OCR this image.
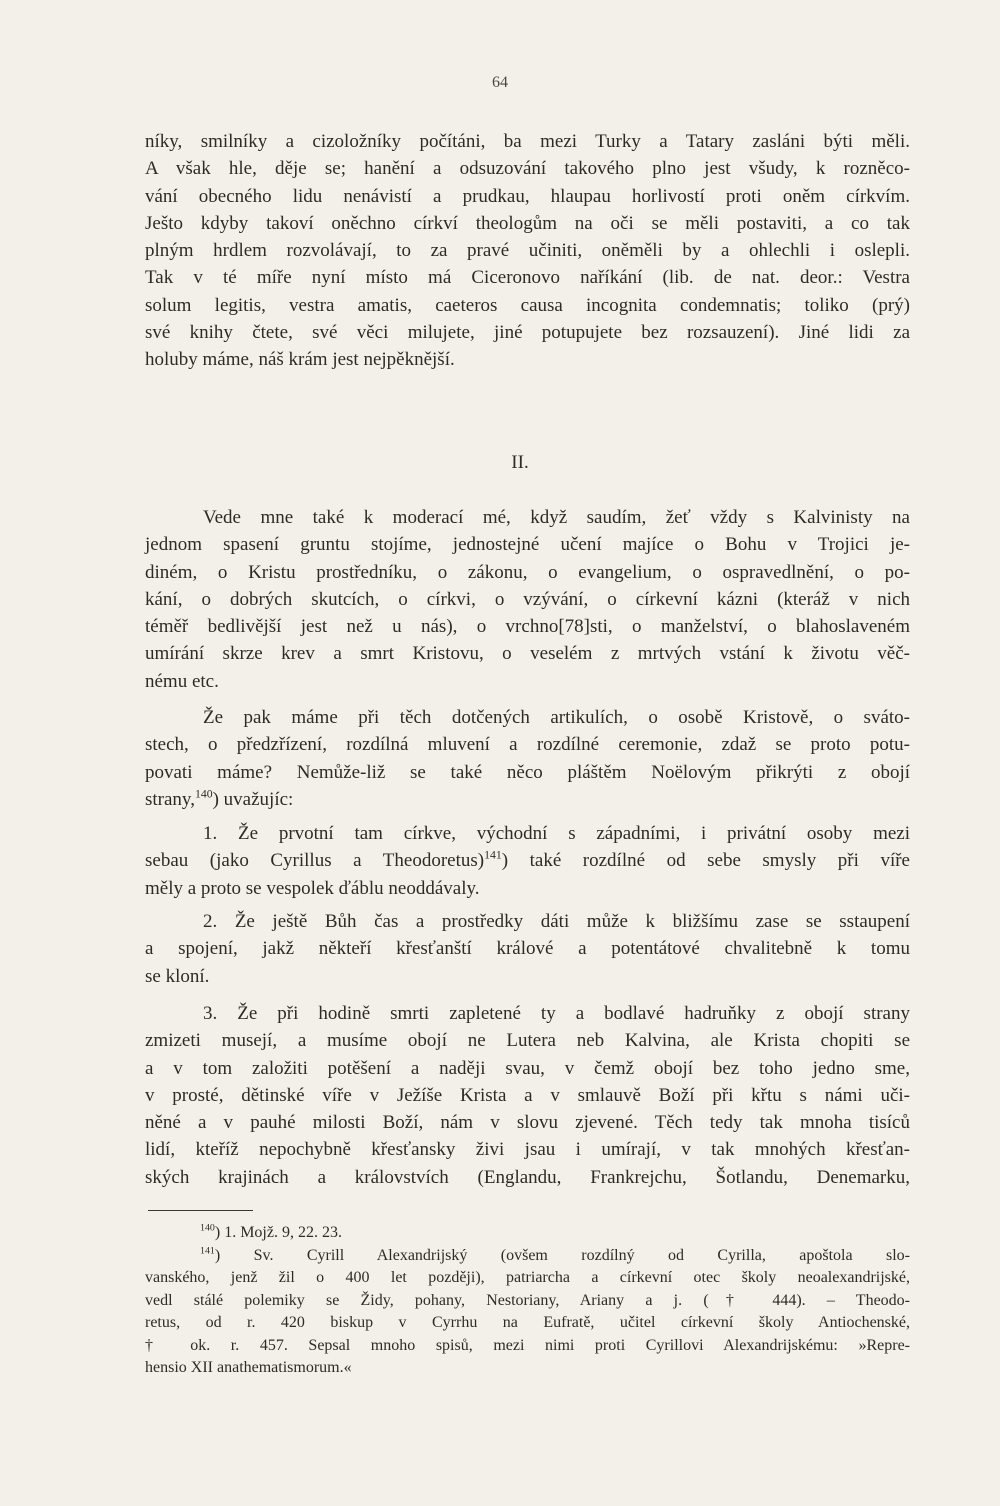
64
níky, smilníky a cizoložníky počítáni, ba mezi Turky a Tatary zasláni býti měli.
A však hle, děje se; hanění a odsuzování takového plno jest všudy, k rozněco-
vání obecného lidu nenávistí a prudkau, hlaupau horlivostí proti oněm církvím.
Ješto kdyby takoví oněchno církví theologům na oči se měli postaviti, a co tak
plným hrdlem rozvolávají, to za pravé učiniti, oněměli by a ohlechli i oslepli.
Tak v té míře nyní místo má Ciceronovo naříkání (lib. de nat. deor.: Vestra
solum legitis, vestra amatis, caeteros causa incognita condemnatis; toliko (prý)
své knihy čtete, své věci milujete, jiné potupujete bez rozsauzení). Jiné lidi za
holuby máme, náš krám jest nejpěknější.
II.
Vede mne také k moderací mé, když saudím, žeť vždy s Kalvinisty na
jednom spasení gruntu stojíme, jednostejné učení majíce o Bohu v Trojici je-
diném, o Kristu prostředníku, o zákonu, o evangelium, o ospravedlnění, o po-
kání, o dobrých skutcích, o církvi, o vzývání, o církevní kázni (kteráž v nich
téměř bedlivější jest než u nás), o vrchno[78]sti, o manželství, o blahoslaveném
umírání skrze krev a smrt Kristovu, o veselém z mrtvých vstání k životu věč-
nému etc.
Že pak máme při těch dotčených artikulích, o osobě Kristově, o sváto-
stech, o předzřízení, rozdílná mluvení a rozdílné ceremonie, zdaž se proto potu-
povati máme? Nemůže-liž se také něco pláštěm Noëlovým přikrýti z obojí
strany,$^{140}$) uvažujíc:
1. Že prvotní tam církve, východní s západními, i privátní osoby mezi
sebau (jako Cyrillus a Theodoretus)$^{141}$) také rozdílné od sebe smysly při víře
měly a proto se vespolek ďáblu neoddávaly.
2. Že ještě Bůh čas a prostředky dáti může k bližšímu zase se sstaupení
a spojení, jakž někteří křesťanští králové a potentátové chvalitebně k tomu
se kloní.
3. Že při hodině smrti zapletené ty a bodlavé hadruňky z obojí strany
zmizeti musejí, a musíme obojí ne Lutera neb Kalvina, ale Krista chopiti se
a v tom založiti potěšení a naději svau, v čemž obojí bez toho jedno sme,
v prosté, dětinské víře v Ježíše Krista a v smlauvě Boží při křtu s námi uči-
něné a v pauhé milosti Boží, nám v slovu zjevené. Těch tedy tak mnoha tisíců
lidí, kteříž nepochybně křesťansky živi jsau i umírají, v tak mnohých křesťan-
ských krajinách a královstvích (Englandu, Frankrejchu, Šotlandu, Denemarku,
$^{140}$) 1. Mojž. 9, 22. 23.
$^{141}$) Sv. Cyrill Alexandrijský (ovšem rozdílný od Cyrilla, apoštola slo-
vanského, jenž žil o 400 let později), patriarcha a církevní otec školy neoalexandrijské,
vedl stálé polemiky se Židy, pohany, Nestoriany, Ariany a j. († 444). – Theodo-
retus, od r. 420 biskup v Cyrrhu na Eufratě, učitel církevní školy Antiochenské,
† ok. r. 457. Sepsal mnoho spisů, mezi nimi proti Cyrillovi Alexandrijskému: »Repre-
hensio XII anathematismorum.«
